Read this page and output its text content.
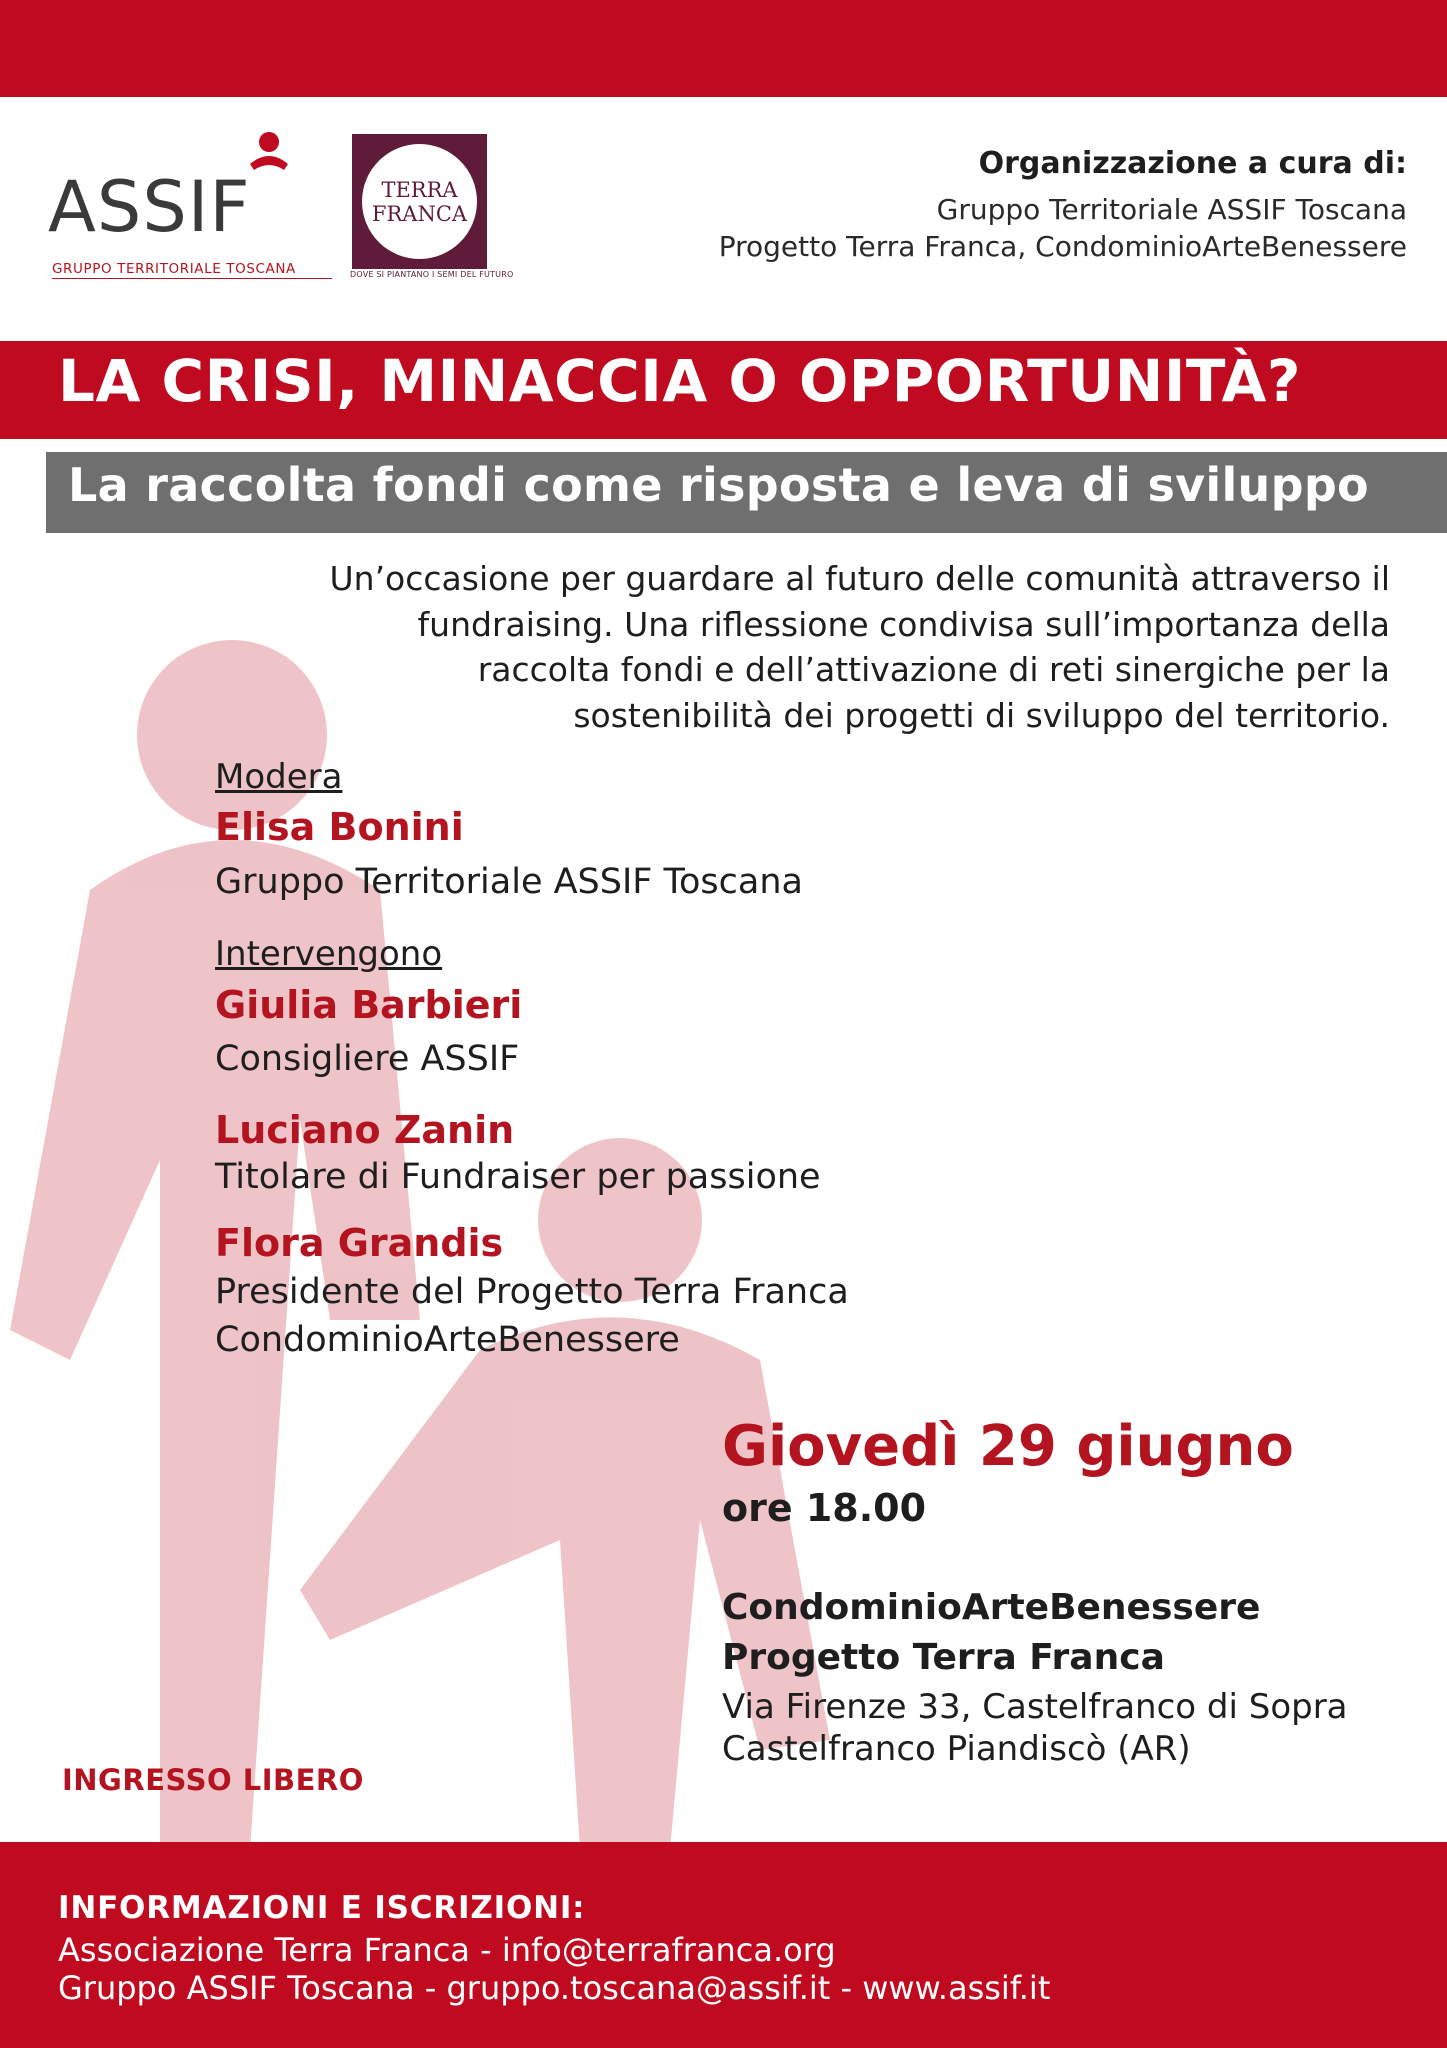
ASSIF
GRUPPO TERRITORIALE TOSCANA
TERRA
FRANCA
DOVE SI PIANTANO I SEMI DEL FUTURO
Organizzazione a cura di:
Gruppo Territoriale ASSIF Toscana
Progetto Terra Franca, CondominioArteBenessere
LA CRISI, MINACCIA O OPPORTUNITÀ?
La raccolta fondi come risposta e leva di sviluppo
Un’occasione per guardare al futuro delle comunità attraverso il
fundraising. Una riflessione condivisa sull’importanza della
raccolta fondi e dell’attivazione di reti sinergiche per la
sostenibilità dei progetti di sviluppo del territorio.
Modera
Elisa Bonini
Gruppo Territoriale ASSIF Toscana
Intervengono
Giulia Barbieri
Consigliere ASSIF
Luciano Zanin
Titolare di Fundraiser per passione
Flora Grandis
Presidente del Progetto Terra Franca
CondominioArteBenessere
Giovedì 29 giugno
ore 18.00
CondominioArteBenessere
Progetto Terra Franca
Via Firenze 33, Castelfranco di Sopra
Castelfranco Piandiscò (AR)
INGRESSO LIBERO
INFORMAZIONI E ISCRIZIONI:
Associazione Terra Franca - info@terrafranca.org
Gruppo ASSIF Toscana - gruppo.toscana@assif.it - www.assif.it
